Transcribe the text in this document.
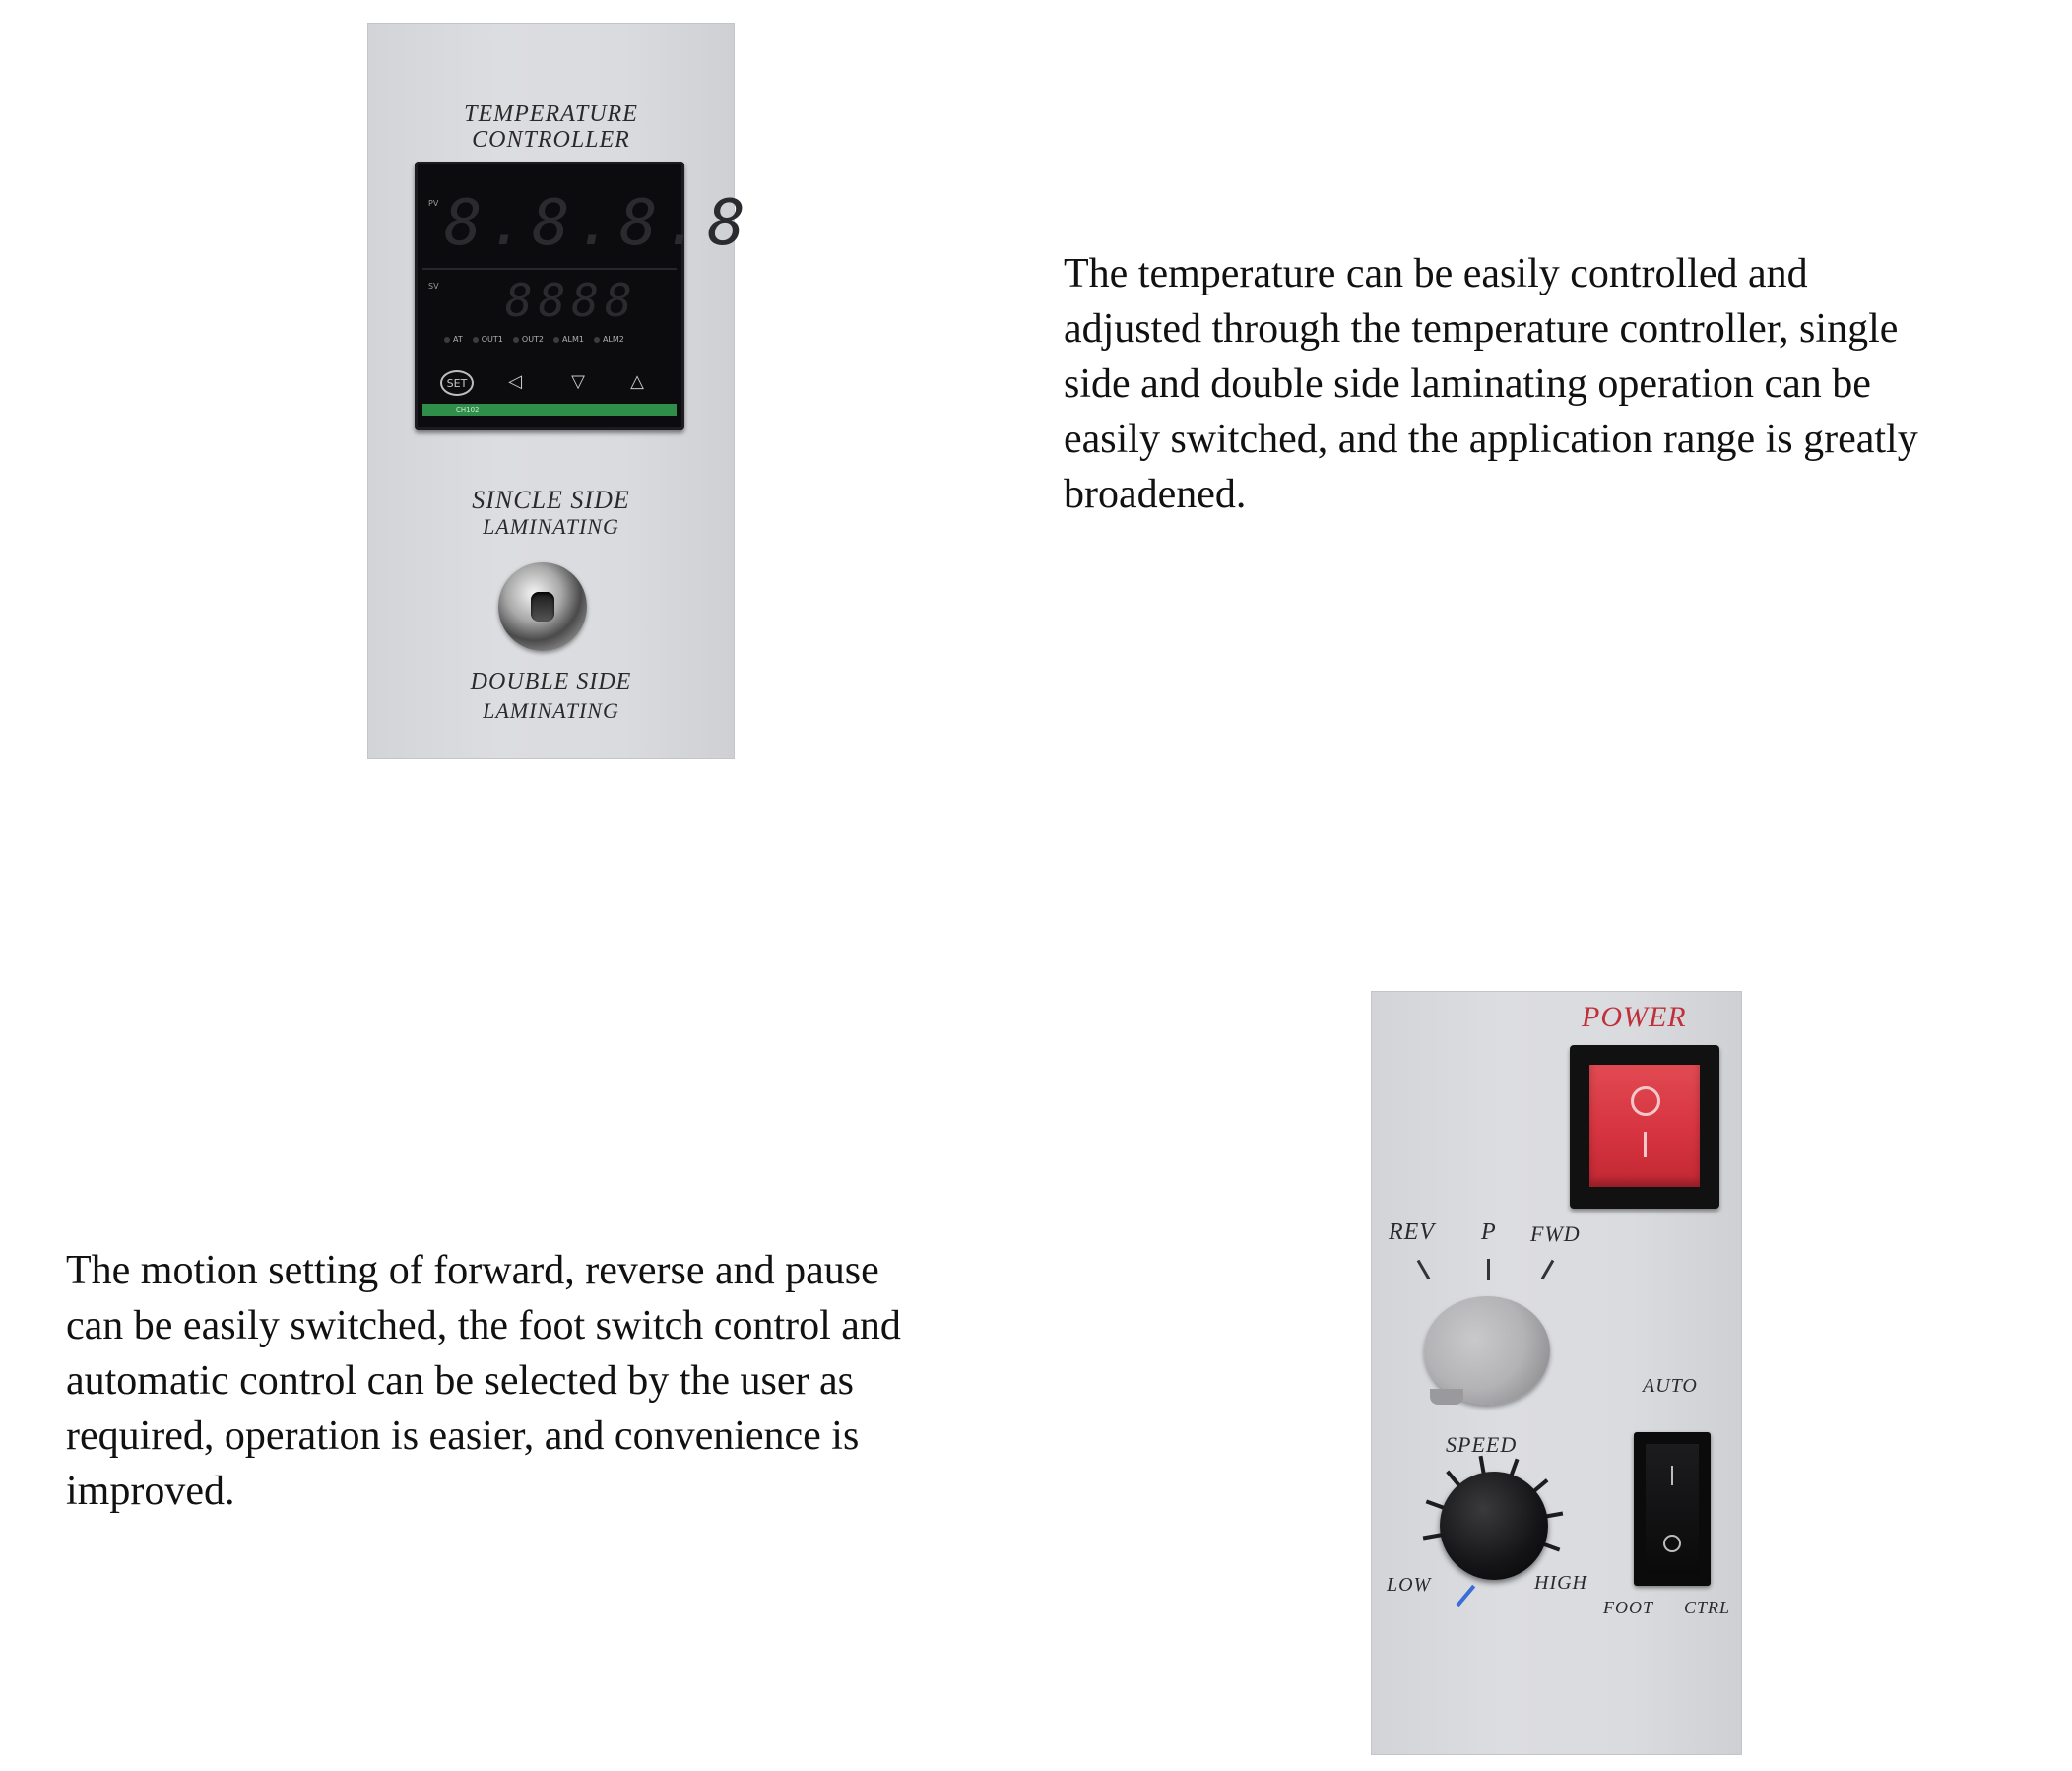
TEMPERATURE
CONTROLLER
PV 8.8.8.8
SV 8888
AT OUT1 OUT2 ALM1 ALM2
SET	◁	▽	△
CH102
SINCLE SIDE
LAMINATING
DOUBLE SIDE
LAMINATING
The temperature can be easily controlled and
adjusted through the temperature controller, single
side and double side laminating operation can be
easily switched, and the application range is greatly
broadened.
The motion setting of forward, reverse and pause
can be easily switched, the foot switch control and
automatic control can be selected by the user as
required, operation is easier, and convenience is
improved.
POWER
REV P FWD
SPEED
LOW	HIGH
AUTO
FOOT CTRL
